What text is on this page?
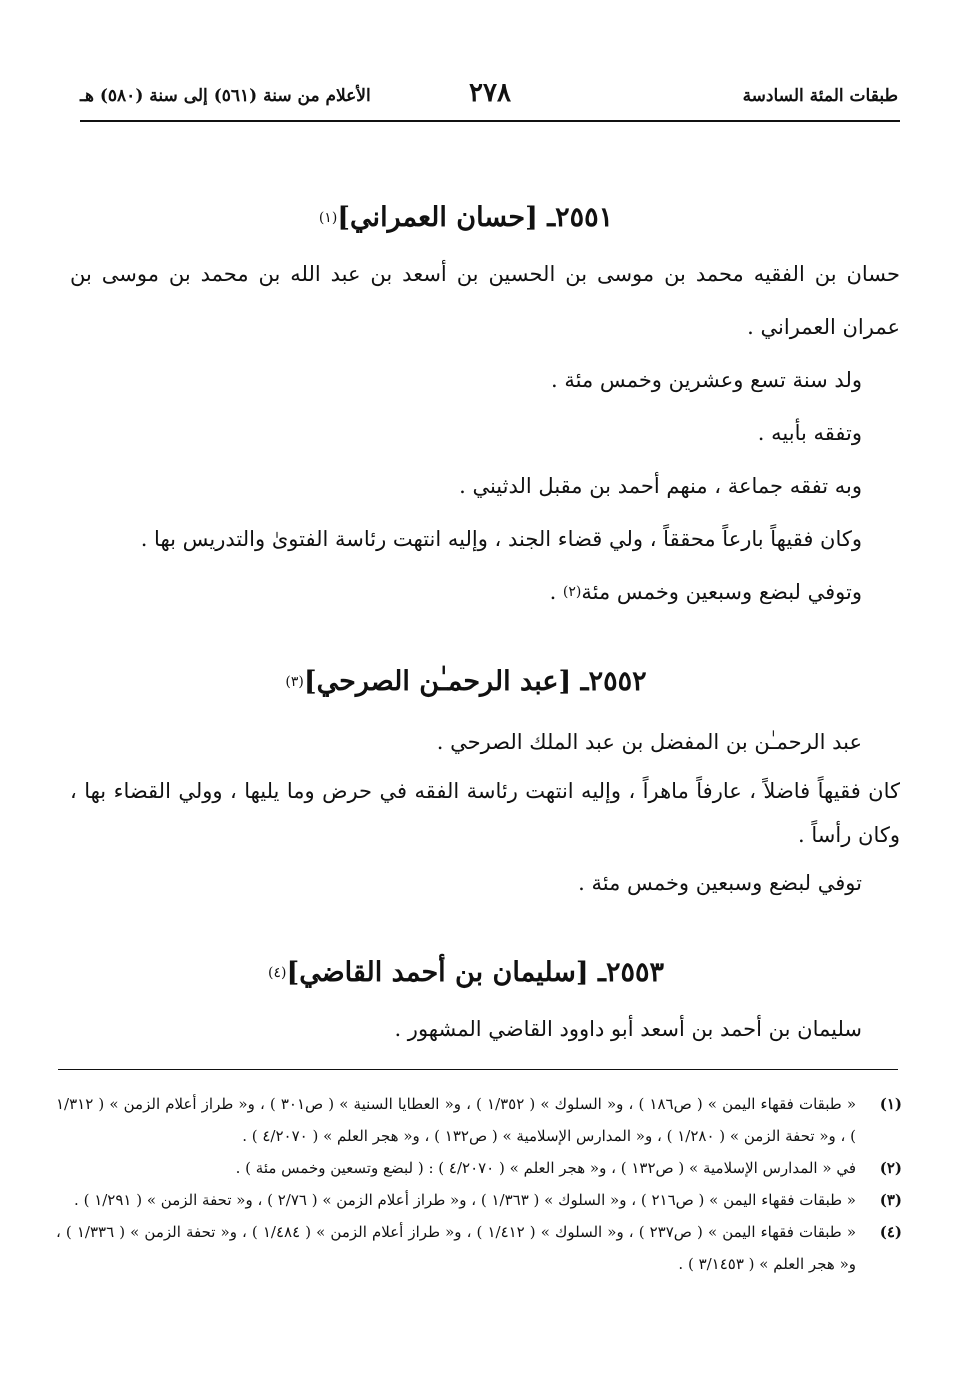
طبقات المئة السادسة
٢٧٨
الأعلام من سنة (٥٦١) إلى سنة (٥٨٠) هـ
٢٥٥١ـ [حسان العمراني]$^{(١)}$

حسان بن الفقيه محمد بن موسى بن الحسين بن أسعد بن عبد الله بن محمد بن موسى بن عمران العمراني .

ولد سنة تسع وعشرين وخمس مئة .

وتفقه بأبيه .

وبه تفقه جماعة ، منهم أحمد بن مقبل الدثيني .

وكان فقيهاً بارعاً محققاً ، ولي قضاء الجند ، وإليه انتهت رئاسة الفتوىٰ والتدريس بها .

وتوفي لبضع وسبعين وخمس مئة$^{(٢)}$ .

٢٥٥٢ـ [عبد الرحمـٰن الصرحي]$^{(٣)}$

عبد الرحمـٰن بن المفضل بن عبد الملك الصرحي .

كان فقيهاً فاضلاً ، عارفاً ماهراً ، وإليه انتهت رئاسة الفقه في حرض وما يليها ، وولي القضاء بها ، وكان رأساً .

توفي لبضع وسبعين وخمس مئة .

٢٥٥٣ـ [سليمان بن أحمد القاضي]$^{(٤)}$

سليمان بن أحمد بن أسعد أبو داوود القاضي المشهور .

(١)
« طبقات فقهاء اليمن » ( ص١٨٦ ) ، و« السلوك » ( ١/٣٥٢ ) ، و« العطايا السنية » ( ص٣٠١ ) ، و« طراز أعلام الزمن » ( ١/٣١٢ ) ، و« تحفة الزمن » ( ١/٢٨٠ ) ، و« المدارس الإسلامية » ( ص١٣٢ ) ، و« هجر العلم » ( ٤/٢٠٧٠ ) .
(٢)
في « المدارس الإسلامية » ( ص١٣٢ ) ، و« هجر العلم » ( ٤/٢٠٧٠ ) : ( لبضع وتسعين وخمس مئة ) .
(٣)
« طبقات فقهاء اليمن » ( ص٢١٦ ) ، و« السلوك » ( ١/٣٦٣ ) ، و« طراز أعلام الزمن » ( ٢/٧٦ ) ، و« تحفة الزمن » ( ١/٢٩١ ) .
(٤)
« طبقات فقهاء اليمن » ( ص٢٣٧ ) ، و« السلوك » ( ١/٤١٢ ) ، و« طراز أعلام الزمن » ( ١/٤٨٤ ) ، و« تحفة الزمن » ( ١/٣٣٦ ) ، و« هجر العلم » ( ٣/١٤٥٣ ) .
